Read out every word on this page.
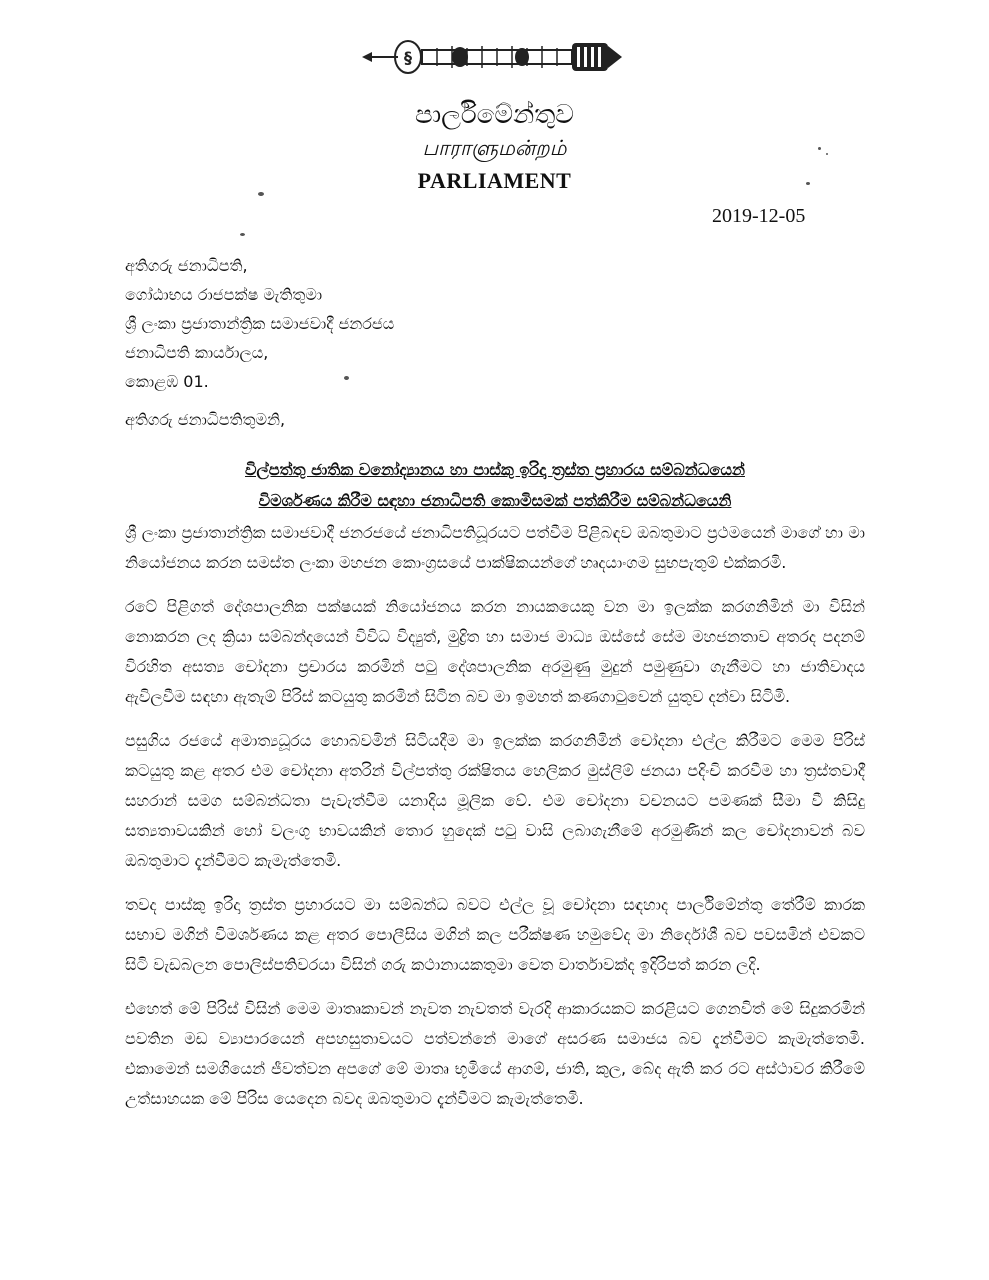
§
පාර්ලිමේන්තුව
பாராளுமன்றம்
PARLIAMENT
2019-12-05
අතිගරු ජනාධිපති,
ගෝඨාභය රාජපක්ෂ මැතිතුමා
ශ්‍රී ලංකා ප්‍රජාතාන්ත්‍රික සමාජවාදී ජනරජය
ජනාධිපති කාර්යාලය,
කොළඹ 01.
අතිගරු ජනාධිපතිතුමනි,
විල්පත්තු ජාතික වනෝද්‍යානය හා පාස්කු ඉරිදා ත්‍රස්ත ප්‍රහාරය සම්බන්ධයෙන්
විමර්ශණය කිරීම සඳහා ජනාධිපති කොමිසමක් පත්කිරීම සම්බන්ධයෙනි

ශ්‍රී ලංකා ප්‍රජාතාන්ත්‍රික සමාජවාදී ජනරජයේ ජනාධිපතිධූරයට පත්වීම පිළිබඳව ඔබතුමාට ප්‍රථමයෙන් මාගේ හා මා නියෝජනය කරන සමස්ත ලංකා මහජන කොංග්‍රසයේ පාක්ෂිකයන්ගේ හෘදයාංගම සුභපැතුම් එක්කරමි.

රටේ පිළිගත් දේශපාලනික පක්ෂයක් නියෝජනය කරන නායකයෙකු වන මා ඉලක්ක කරගනිමින් මා විසින් නොකරන ලද ක්‍රියා සම්බන්දයෙන් විවිධ විද්‍යුත්, මුද්‍රිත හා සමාජ මාධ්‍ය ඔස්සේ සේම මහජනතාව අතරද පදනම් විරහිත අසත්‍ය චෝදනා ප්‍රචාරය කරමින් පටු දේශපාලනික අරමුණු මුදුන් පමුණුවා ගැනීමට හා ජාතිවාදය ඇවිලවීම සඳහා ඇතැම් පිරිස් කටයුතු කරමින් සිටින බව මා ඉමහත් කණගාටුවෙන් යුතුව දන්වා සිටිමි.

පසුගිය රජයේ අමාත්‍යධූරය හොබවමින් සිටියදීම මා ඉලක්ක කරගනිමින් චෝදනා එල්ල කිරීමට මෙම පිරිස් කටයුතු කළ අතර එම චෝදනා අතරින් විල්පත්තු රක්ෂිතය හෙලිකර මුස්ලිම් ජනයා පදිංචි කරවීම හා ත්‍රස්තවාදී සහරාන් සමග සම්බන්ධතා පැවැත්වීම යනාදිය මූලික වේ. එම චෝදනා වචනයට පමණක් සීමා වී කිසිදු සත්‍යතාවයකින් හෝ වලංගු භාවයකින් තොර හුදෙක් පටු වාසි ලබාගැනීමේ අරමුණින් කල චෝදනාවන් බව ඔබතුමාට දැන්වීමට කැමැත්තෙමි.

තවද පාස්කු ඉරිදා ත්‍රස්ත ප්‍රහාරයට මා සම්බන්ධ බවට එල්ල වූ චෝදනා සඳහාද පාර්ලිමේන්තු තේරීම් කාරක සභාව මගින් විමර්ශණය කළ අතර පොලීසිය මගින් කල පරීක්ෂණ හමුවේද මා නිර්දෝශී බව පවසමින් එවකට සිටි වැඩබලන පොලිස්පතිවරයා විසින් ගරු කථානායකතුමා වෙත වාර්තාවක්ද ඉදිරිපත් කරන ලදි.

එහෙත් මේ පිරිස් විසින් මෙම මාතෘකාවන් නැවත නැවතත් වැරදි ආකාරයකට කරළියට ගෙනවිත් මේ සිදුකරමින් පවතින මඩ ව්‍යාපාරයෙන් අපහසුතාවයට පත්වන්නේ මාගේ අසරණ සමාජය බව දැන්වීමට කැමැත්තෙමි. එකාමෙන් සමගියෙන් ජීවත්වන අපගේ මේ මාතෘ භූමියේ ආගම්, ජාති, කුල, බේද ඇති කර රට අස්ථාවර කිරීමේ උත්සාහයක මේ පිරිස යෙදෙන බවද ඔබතුමාට දැන්වීමට කැමැත්තෙමි.
